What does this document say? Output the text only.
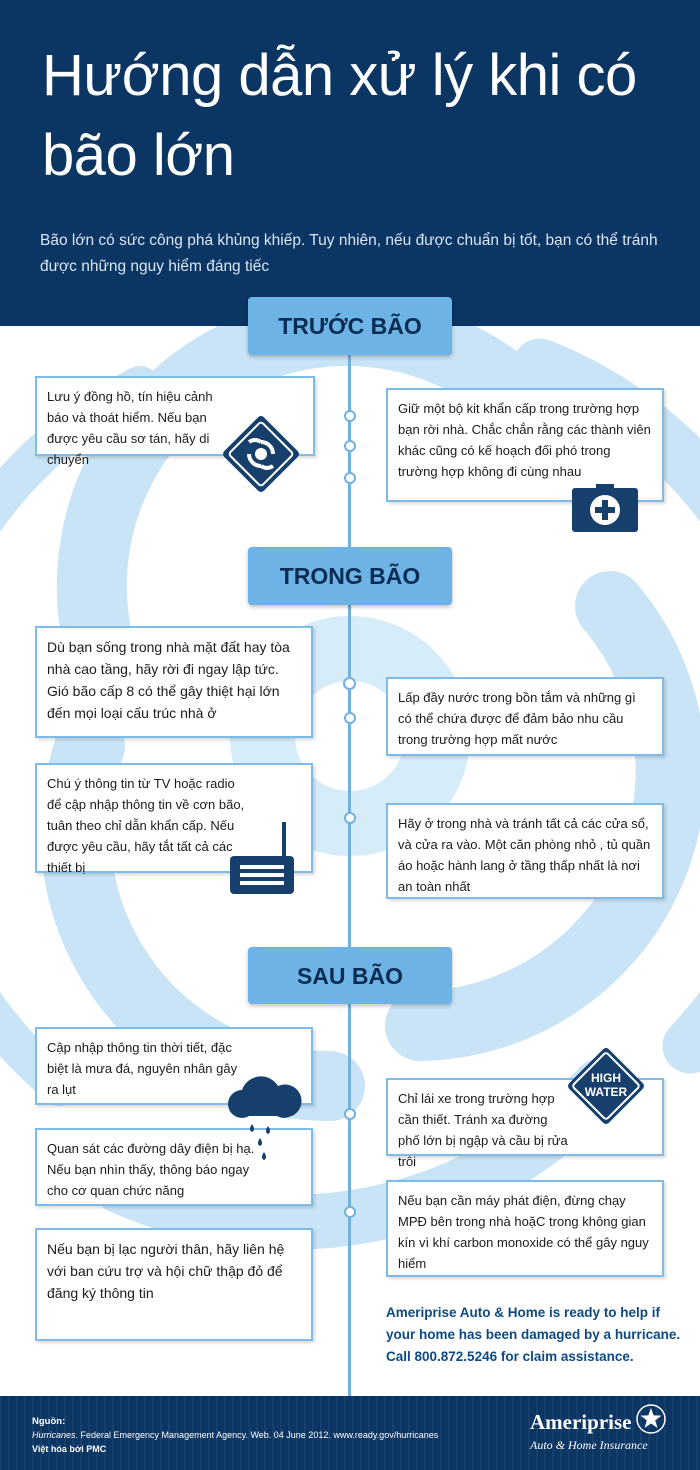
Hướng dẫn xử lý khi có bão lớn

Bão lớn có sức công phá khủng khiếp. Tuy nhiên, nếu được chuẩn bị tốt, bạn có thể tránh được những nguy hiểm đáng tiếc

TRƯỚC BÃO
Lưu ý đồng hồ, tín hiệu cảnh báo và thoát hiểm. Nếu bạn được yêu cầu sơ tán, hãy di chuyển
Giữ một bộ kit khẩn cấp trong trường hợp bạn rời nhà. Chắc chắn rằng các thành viên khác cũng có kế hoạch đối phó trong trường hợp không đi cùng nhau
TRONG BÃO
Dù bạn sống trong nhà mặt đất hay tòa nhà cao tầng, hãy rời đi ngay lập tức. Gió bão cấp 8 có thể gây thiệt hại lớn đến mọi loại cấu trúc nhà ở
Lấp đầy nước trong bồn tắm và những gì có thể chứa được để đảm bảo nhu cầu trong trường hợp mất nước
Chú ý thông tin từ TV hoặc radio để cập nhập thông tin về cơn bão, tuân theo chỉ dẫn khẩn cấp. Nếu được yêu cầu, hãy tắt tất cả các thiết bị
Hãy ở trong nhà và tránh tất cả các cửa sổ, và cửa ra vào. Một căn phòng nhỏ , tủ quần áo hoặc hành lang ở tầng thấp nhất là nơi an toàn nhất
SAU BÃO
Cập nhập thông tin thời tiết, đặc biệt là mưa đá, nguyên nhân gây ra lụt
Chỉ lái xe trong trường hợp cần thiết. Tránh xa đường phố lớn bị ngập và cầu bị rửa trôi
Quan sát các đường dây điện bị hạ. Nếu bạn nhìn thấy, thông báo ngay cho cơ quan chức năng
Nếu bạn cần máy phát điện, đừng chạy MPĐ bên trong nhà hoặC trong không gian kín vì khí carbon monoxide có thể gây nguy hiểm
Nếu bạn bị lạc người thân, hãy liên hệ với ban cứu trợ và hội chữ thập đỏ để đăng ký thông tin
HIGH
WATER
Ameriprise Auto & Home is ready to help if
your home has been damaged by a hurricane.
Call 800.872.5246 for claim assistance.
Nguồn:
Hurricanes. Federal Emergency Management Agency. Web. 04 June 2012. www.ready.gov/hurricanes
Việt hóa bởi PMC
Ameriprise
Auto & Home Insurance
